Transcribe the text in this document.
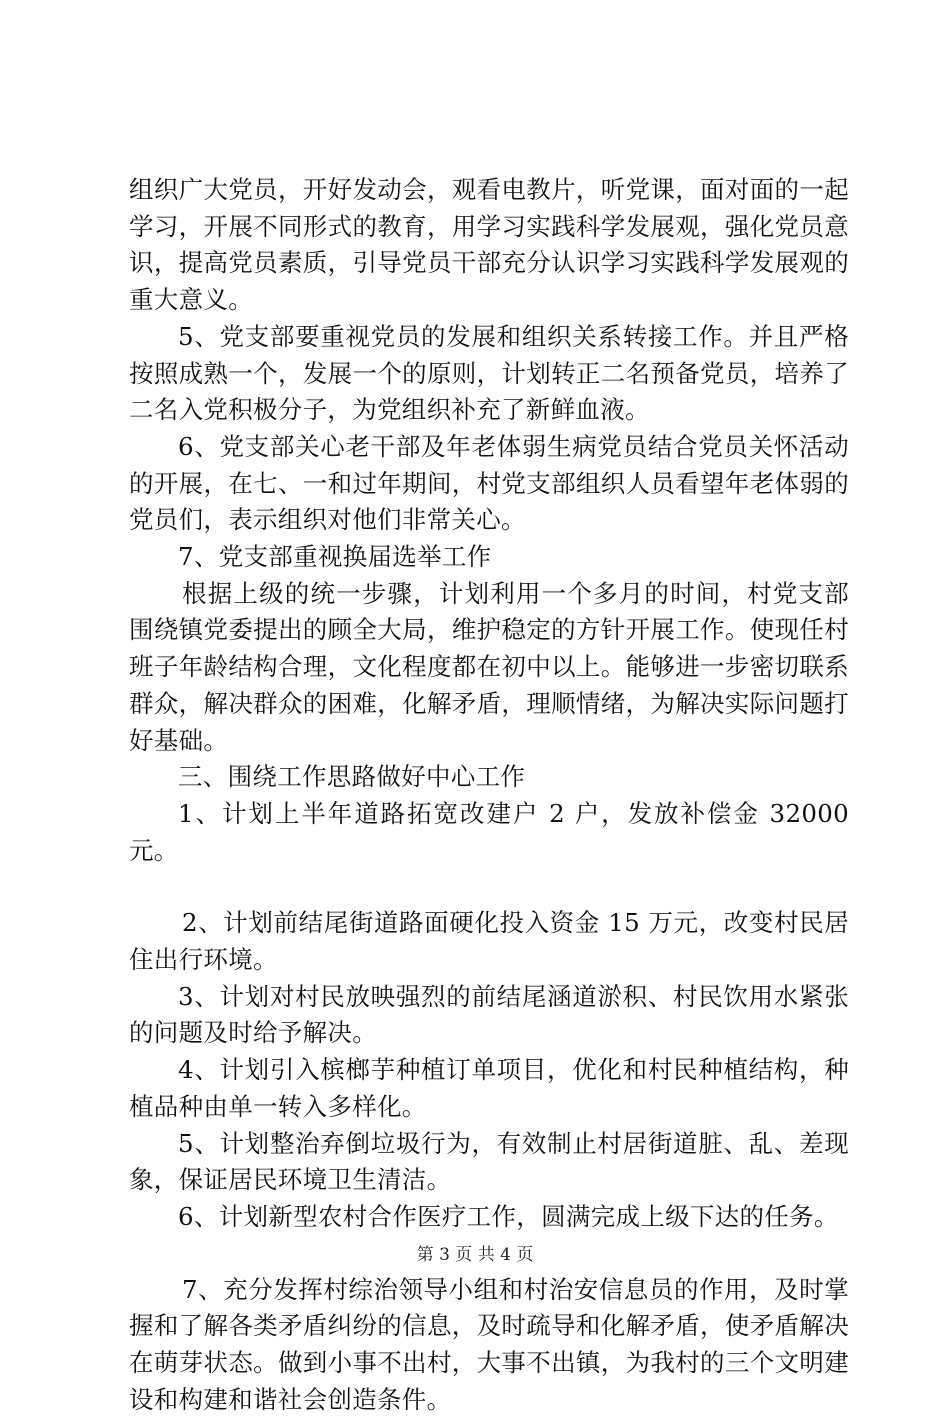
组织广大党员，开好发动会，观看电教片，听党课，面对面的一起学习，开展不同形式的教育，用学习实践科学发展观，强化党员意识，提高党员素质，引导党员干部充分认识学习实践科学发展观的重大意义。

5、党支部要重视党员的发展和组织关系转接工作。并且严格按照成熟一个，发展一个的原则，计划转正二名预备党员，培养了二名入党积极分子，为党组织补充了新鲜血液。

6、党支部关心老干部及年老体弱生病党员结合党员关怀活动的开展，在七、一和过年期间，村党支部组织人员看望年老体弱的党员们，表示组织对他们非常关心。

7、党支部重视换届选举工作

根据上级的统一步骤，计划利用一个多月的时间，村党支部围绕镇党委提出的顾全大局，维护稳定的方针开展工作。使现任村班子年龄结构合理，文化程度都在初中以上。能够进一步密切联系群众，解决群众的困难，化解矛盾，理顺情绪，为解决实际问题打好基础。

三、围绕工作思路做好中心工作

1、计划上半年道路拓宽改建户 2 户，发放补偿金 32000 元。

2、计划前结尾街道路面硬化投入资金 15 万元，改变村民居住出行环境。

3、计划对村民放映强烈的前结尾涵道淤积、村民饮用水紧张的问题及时给予解决。

4、计划引入槟榔芋种植订单项目，优化和村民种植结构，种植品种由单一转入多样化。

5、计划整治弃倒垃圾行为，有效制止村居街道脏、乱、差现象，保证居民环境卫生清洁。

6、计划新型农村合作医疗工作，圆满完成上级下达的任务。

7、充分发挥村综治领导小组和村治安信息员的作用，及时掌握和了解各类矛盾纠纷的信息，及时疏导和化解矛盾，使矛盾解决在萌芽状态。做到小事不出村，大事不出镇，为我村的三个文明建设和构建和谐社会创造条件。

第 3 页 共 4 页
